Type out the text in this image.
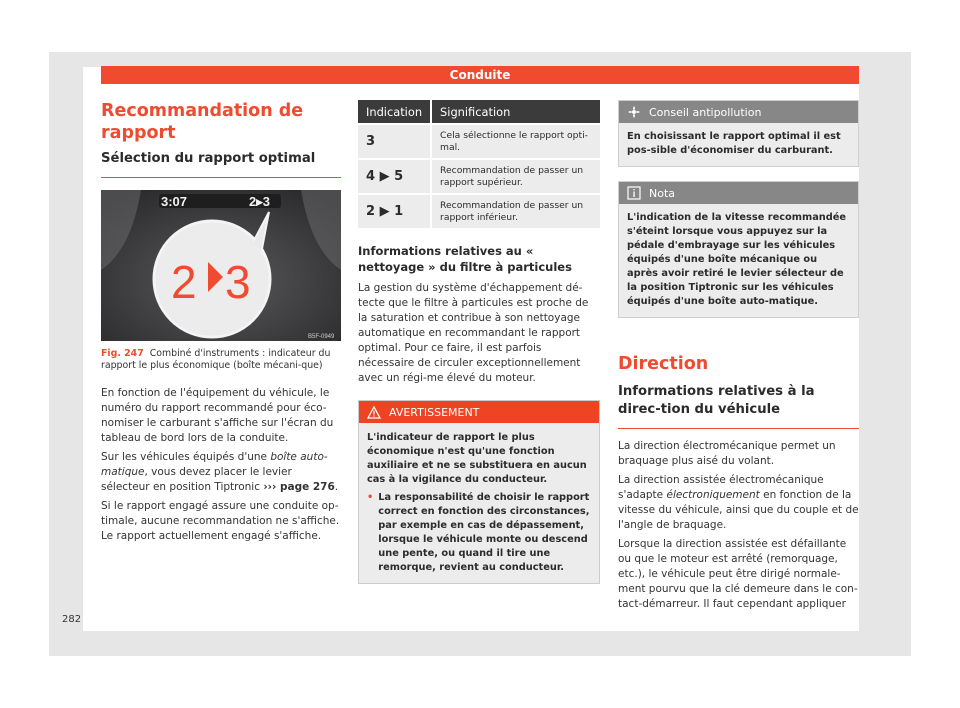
Conduite
Recommandation de rapport
Sélection du rapport optimal
3:07	2▸3
2 3
B5F-0949
Fig. 247 Combiné d'instruments : indicateur du rapport le plus économique (boîte mécani-que)

En fonction de l'équipement du véhicule, le numéro du rapport recommandé pour éco-nomiser le carburant s'affiche sur l'écran du tableau de bord lors de la conduite.

Sur les véhicules équipés d'une boîte auto-matique, vous devez placer le levier sélecteur en position Tiptronic ››› page 276.

Si le rapport engagé assure une conduite op-timale, aucune recommandation ne s'affiche. Le rapport actuellement engagé s'affiche.

Indication	Signification
3	Cela sélectionne le rapport opti-mal.
4 ▶ 5	Recommandation de passer un rapport supérieur.
2 ▶ 1	Recommandation de passer un rapport inférieur.
Informations relatives au « nettoyage » du filtre à particules

La gestion du système d'échappement dé-tecte que le filtre à particules est proche de la saturation et contribue à son nettoyage automatique en recommandant le rapport optimal. Pour ce faire, il est parfois nécessaire de circuler exceptionnellement avec un régi-me élevé du moteur.

AVERTISSEMENT
L'indicateur de rapport le plus économique n'est qu'une fonction auxiliaire et ne se substituera en aucun cas à la vigilance du conducteur.
• La responsabilité de choisir le rapport correct en fonction des circonstances, par exemple en cas de dépassement, lorsque le véhicule monte ou descend une pente, ou quand il tire une remorque, revient au conducteur.
Conseil antipollution
En choisissant le rapport optimal il est pos-sible d'économiser du carburant.
Nota
L'indication de la vitesse recommandée s'éteint lorsque vous appuyez sur la pédale d'embrayage sur les véhicules équipés d'une boîte mécanique ou après avoir retiré le levier sélecteur de la position Tiptronic sur les véhicules équipés d'une boîte auto-matique.
Direction
Informations relatives à la direc-tion du véhicule

La direction électromécanique permet un braquage plus aisé du volant.

La direction assistée électromécanique s'adapte électroniquement en fonction de la vitesse du véhicule, ainsi que du couple et de l'angle de braquage.

Lorsque la direction assistée est défaillante ou que le moteur est arrêté (remorquage, etc.), le véhicule peut être dirigé normale-ment pourvu que la clé demeure dans le con-tact-démarreur. Il faut cependant appliquer

282
